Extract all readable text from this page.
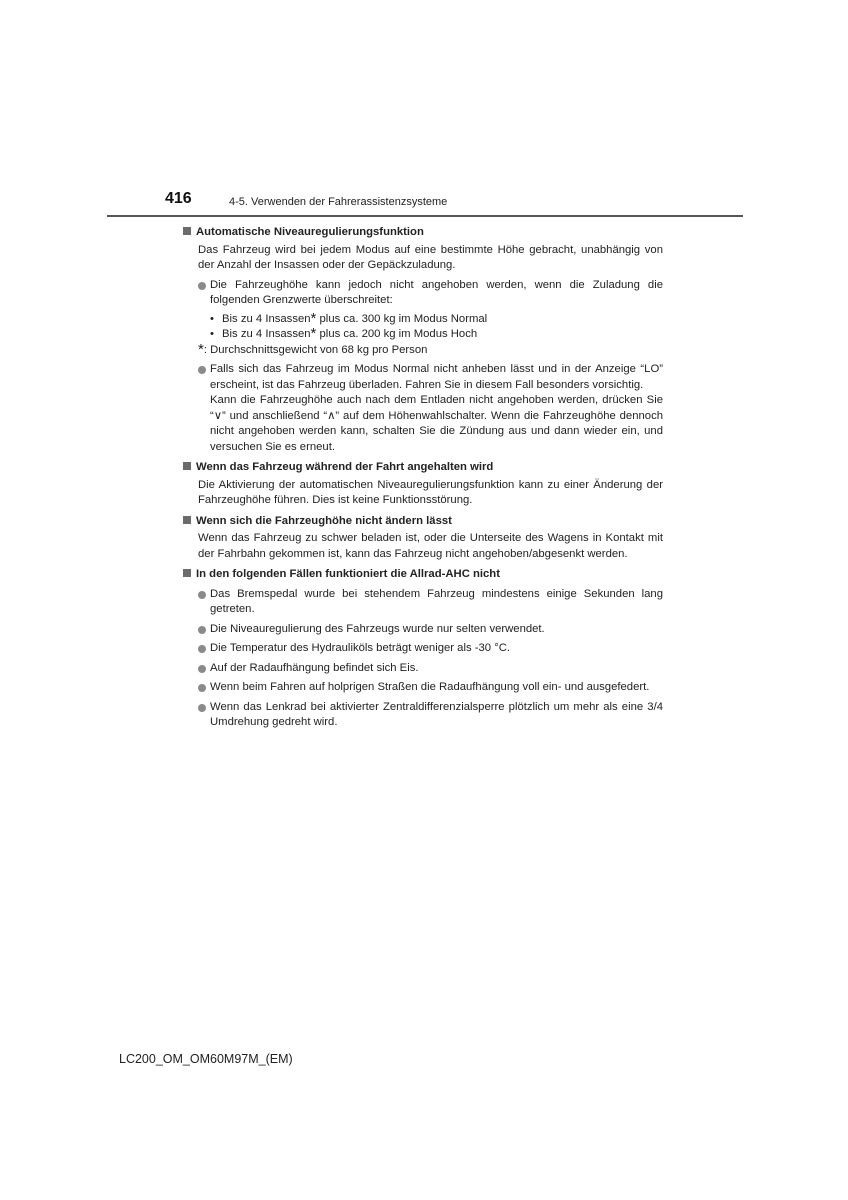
416	4-5. Verwenden der Fahrerassistenzsysteme
Automatische Niveauregulierungsfunktion
Das Fahrzeug wird bei jedem Modus auf eine bestimmte Höhe gebracht, unabhängig von der Anzahl der Insassen oder der Gepäckzuladung.
Die Fahrzeughöhe kann jedoch nicht angehoben werden, wenn die Zuladung die folgenden Grenzwerte überschreitet:
• Bis zu 4 Insassen* plus ca. 300 kg im Modus Normal
• Bis zu 4 Insassen* plus ca. 200 kg im Modus Hoch
*: Durchschnittsgewicht von 68 kg pro Person
Falls sich das Fahrzeug im Modus Normal nicht anheben lässt und in der Anzeige “LO” erscheint, ist das Fahrzeug überladen. Fahren Sie in diesem Fall besonders vorsichtig.
Kann die Fahrzeughöhe auch nach dem Entladen nicht angehoben werden, drücken Sie “∨” und anschließend “∧” auf dem Höhenwahlschalter. Wenn die Fahrzeughöhe dennoch nicht angehoben werden kann, schalten Sie die Zündung aus und dann wieder ein, und versuchen Sie es erneut.
Wenn das Fahrzeug während der Fahrt angehalten wird
Die Aktivierung der automatischen Niveauregulierungsfunktion kann zu einer Änderung der Fahrzeughöhe führen. Dies ist keine Funktionsstörung.
Wenn sich die Fahrzeughöhe nicht ändern lässt
Wenn das Fahrzeug zu schwer beladen ist, oder die Unterseite des Wagens in Kontakt mit der Fahrbahn gekommen ist, kann das Fahrzeug nicht angehoben/abgesenkt werden.
In den folgenden Fällen funktioniert die Allrad-AHC nicht
Das Bremspedal wurde bei stehendem Fahrzeug mindestens einige Sekunden lang getreten.
Die Niveauregulierung des Fahrzeugs wurde nur selten verwendet.
Die Temperatur des Hydrauliköls beträgt weniger als -30 °C.
Auf der Radaufhängung befindet sich Eis.
Wenn beim Fahren auf holprigen Straßen die Radaufhängung voll ein- und ausgefedert.
Wenn das Lenkrad bei aktivierter Zentraldifferenzialsperre plötzlich um mehr als eine 3/4 Umdrehung gedreht wird.
LC200_OM_OM60M97M_(EM)
